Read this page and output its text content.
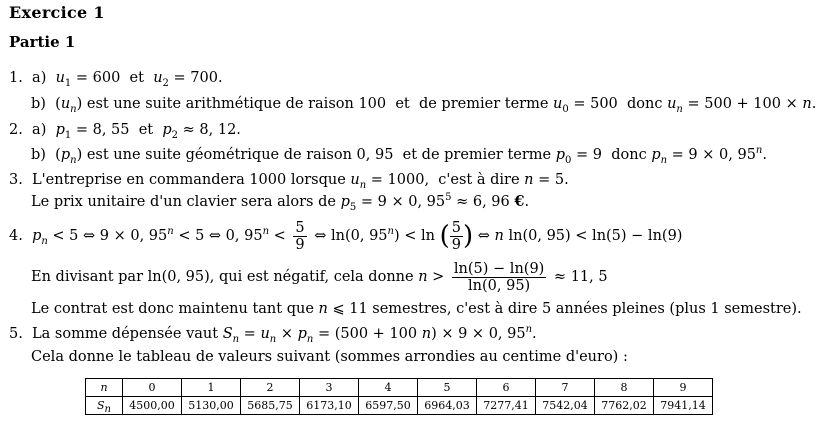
Exercice 1
Partie 1
1.  a)  $u_1 = 600$  et  $u_2 = 700$.
b)  $(u_n)$ est une suite arithmétique de raison 100  et  de premier terme $u_0 = 500$  donc $u_n = 500 + 100 \times n$.
2.  a)  $p_1 = 8$, 55  et  $p_2 \approx 8$, 12.
b)  $(p_n)$ est une suite géométrique de raison 0, 95  et de premier terme $p_0 = 9$  donc $p_n = 9 \times 0$, 95$^n$.
3.  L'entreprise en commandera 1000 lorsque $u_n = 1000$,  c'est à dire n = 5.
Le prix unitaire d'un clavier sera alors de $p_5 = 9 \times 0$, $95^5 \approx 6$, 96 €.
4.  $p_n < 5$ ⇔ 9 × 0, $95^n < 5$ ⇔ 0, $95^n < \frac{5}{9}$ ⇔ ln(0, $95^n) < \ln$ ( $\frac{5}{9}$ ) ⇔ n ln(0, 95) < ln(5) − ln(9)
En divisant par ln(0, 95), qui est négatif, cela donne $n > \frac{\ln(5) - \ln(9)}{\ln(0, 95)} \approx 11$, 5
Le contrat est donc maintenu tant que n ⩽ 11 semestres, c'est à dire 5 années pleines (plus 1 semestre).
5.  La somme dépensée vaut $S_n = u_n \times p_n = (500 + 100$ n) × 9 × 0, 95$^n$.
Cela donne le tableau de valeurs suivant (sommes arrondies au centime d'euro) :
n	0	1	2	3	4	5	6	7	8	9
$S_n$	4500,00	5130,00	5685,75	6173,10	6597,50	6964,03	7277,41	7542,04	7762,02	7941,14
